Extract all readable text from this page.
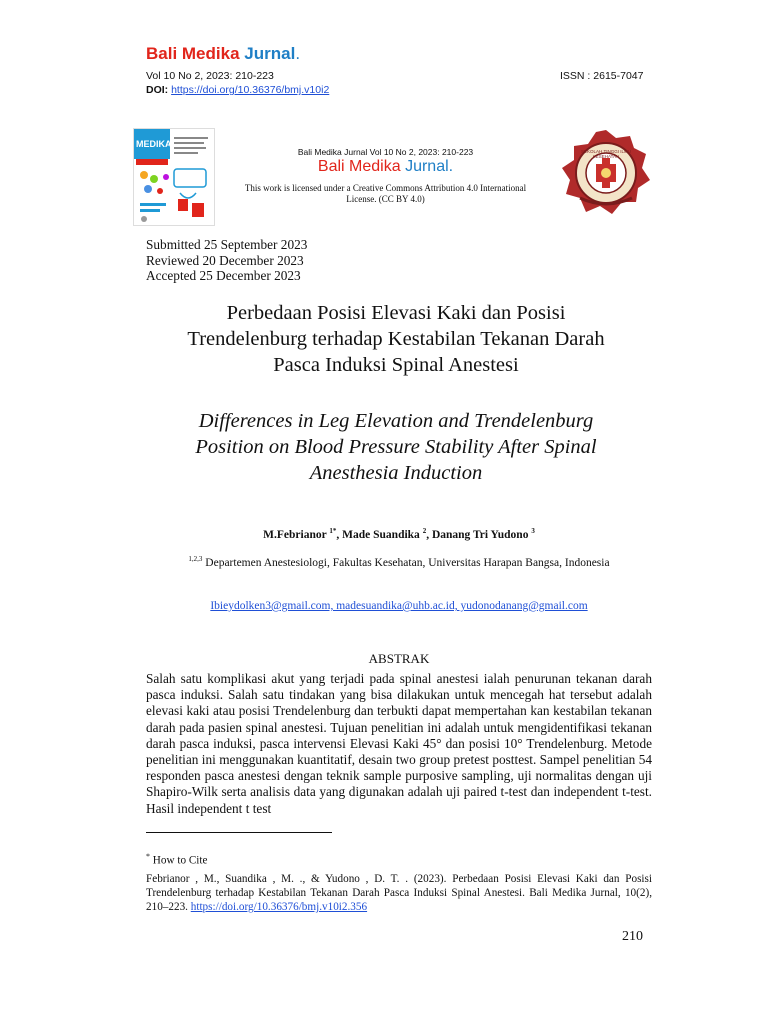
Bali Medika Jurnal.
Vol 10 No 2, 2023: 210-223	ISSN : 2615-7047
DOI: https://doi.org/10.36376/bmj.v10i2
MEDIKA
Bali Medika Jurnal Vol 10 No 2, 2023: 210-223
Bali Medika Jurnal.
This work is licensed under a Creative Commons Attribution 4.0 International
License. (CC BY 4.0)
SEKOLAH TINGGI ILMU KESEHATAN
Submitted 25 September 2023
Reviewed 20 December 2023
Accepted 25 December 2023
Perbedaan Posisi Elevasi Kaki dan Posisi
Trendelenburg terhadap Kestabilan Tekanan Darah
Pasca Induksi Spinal Anestesi
Differences in Leg Elevation and Trendelenburg
Position on Blood Pressure Stability After Spinal
Anesthesia Induction
M.Febrianor $^{1*}$, Made Suandika $^2$, Danang Tri Yudono $^3$
$^{1,2,3}$ Departemen Anestesiologi, Fakultas Kesehatan, Universitas Harapan Bangsa, Indonesia
Ibieydolken3@gmail.com, madesuandika@uhb.ac.id, yudonodanang@gmail.com
ABSTRAK
Salah satu komplikasi akut yang terjadi pada spinal anestesi ialah penurunan tekanan darah pasca induksi. Salah satu tindakan yang bisa dilakukan untuk mencegah hat tersebut adalah elevasi kaki atau posisi Trendelenburg dan terbukti dapat mempertahan kan kestabilan tekanan darah pada pasien spinal anestesi. Tujuan penelitian ini adalah untuk mengidentifikasi tekanan darah pasca induksi, pasca intervensi Elevasi Kaki 45° dan posisi 10° Trendelenburg. Metode penelitian ini menggunakan kuantitatif, desain two group pretest posttest. Sampel penelitian 54 responden pasca anestesi dengan teknik sample purposive sampling, uji normalitas dengan uji Shapiro-Wilk serta analisis data yang digunakan adalah uji paired t-test dan independent t-test. Hasil independent t test
* How to Cite
Febrianor , M., Suandika , M. ., & Yudono , D. T. . (2023). Perbedaan Posisi Elevasi Kaki dan Posisi Trendelenburg terhadap Kestabilan Tekanan Darah Pasca Induksi Spinal Anestesi. Bali Medika Jurnal, 10(2), 210–223. https://doi.org/10.36376/bmj.v10i2.356
210
